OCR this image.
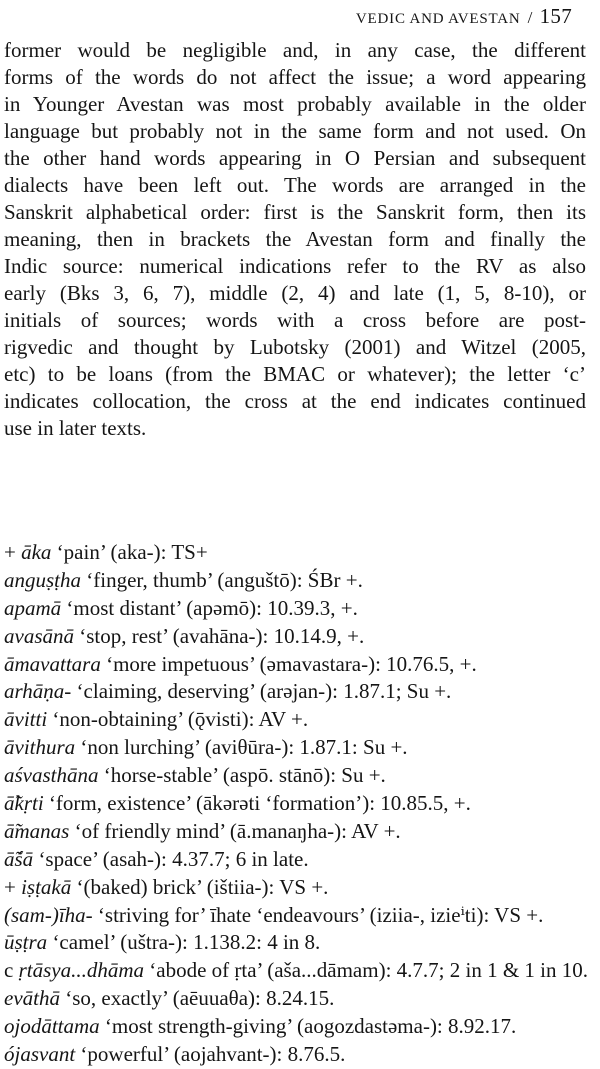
VEDIC AND AVESTAN / 157

former would be negligible and, in any case, the different
forms of the words do not affect the issue; a word appearing
in Younger Avestan was most probably available in the older
language but probably not in the same form and not used. On
the other hand words appearing in O Persian and subsequent
dialects have been left out. The words are arranged in the
Sanskrit alphabetical order: first is the Sanskrit form, then its
meaning, then in brackets the Avestan form and finally the
Indic source: numerical indications refer to the RV as also
early (Bks 3, 6, 7), middle (2, 4) and late (1, 5, 8-10), or
initials of sources; words with a cross before are post-
rigvedic and thought by Lubotsky (2001) and Witzel (2005,
etc) to be loans (from the BMAC or whatever); the letter ‘c’
indicates collocation, the cross at the end indicates continued
use in later texts.

+ āka ‘pain’ (aka-): TS+
anguṣṭha ‘finger, thumb’ (anguštō): ŚBr +.
apamā ‘most distant’ (apəmō): 10.39.3, +.
avasānā ‘stop, rest’ (avahāna-): 10.14.9, +.
āmavattara ‘more impetuous’ (əmavastara-): 10.76.5, +.
arhāṇa- ‘claiming, deserving’ (arəjan-): 1.87.1; Su +.
āvitti ‘non-obtaining’ (ǭvisti): AV +.
āvithura ‘non lurching’ (aviθūra-): 1.87.1: Su +.
aśvasthāna ‘horse-stable’ (aspō. stānō): Su +.
ā̃kṛti ‘form, existence’ (ākərəti ‘formation’): 10.85.5, +.
ā̃manas ‘of friendly mind’ (ā.manaŋha-): AV +.
ā̃śā ‘space’ (asah-): 4.37.7; 6 in late.
+ iṣṭakā ‘(baked) brick’ (ištiia-): VS +.
(sam-)īha- ‘striving for’ īhate ‘endeavours’ (iziia-, izieⁱti): VS +.
ūṣṭra ‘camel’ (uštra-): 1.138.2: 4 in 8.
c ṛtāsya...dhāma ‘abode of ṛta’ (aša...dāmam): 4.7.7; 2 in 1 & 1 in 10.
evāthā ‘so, exactly’ (aēuuaθa): 8.24.15.
ojodāttama ‘most strength-giving’ (aogozdastəma-): 8.92.17.
ójasvant ‘powerful’ (aojahvant-): 8.76.5.
